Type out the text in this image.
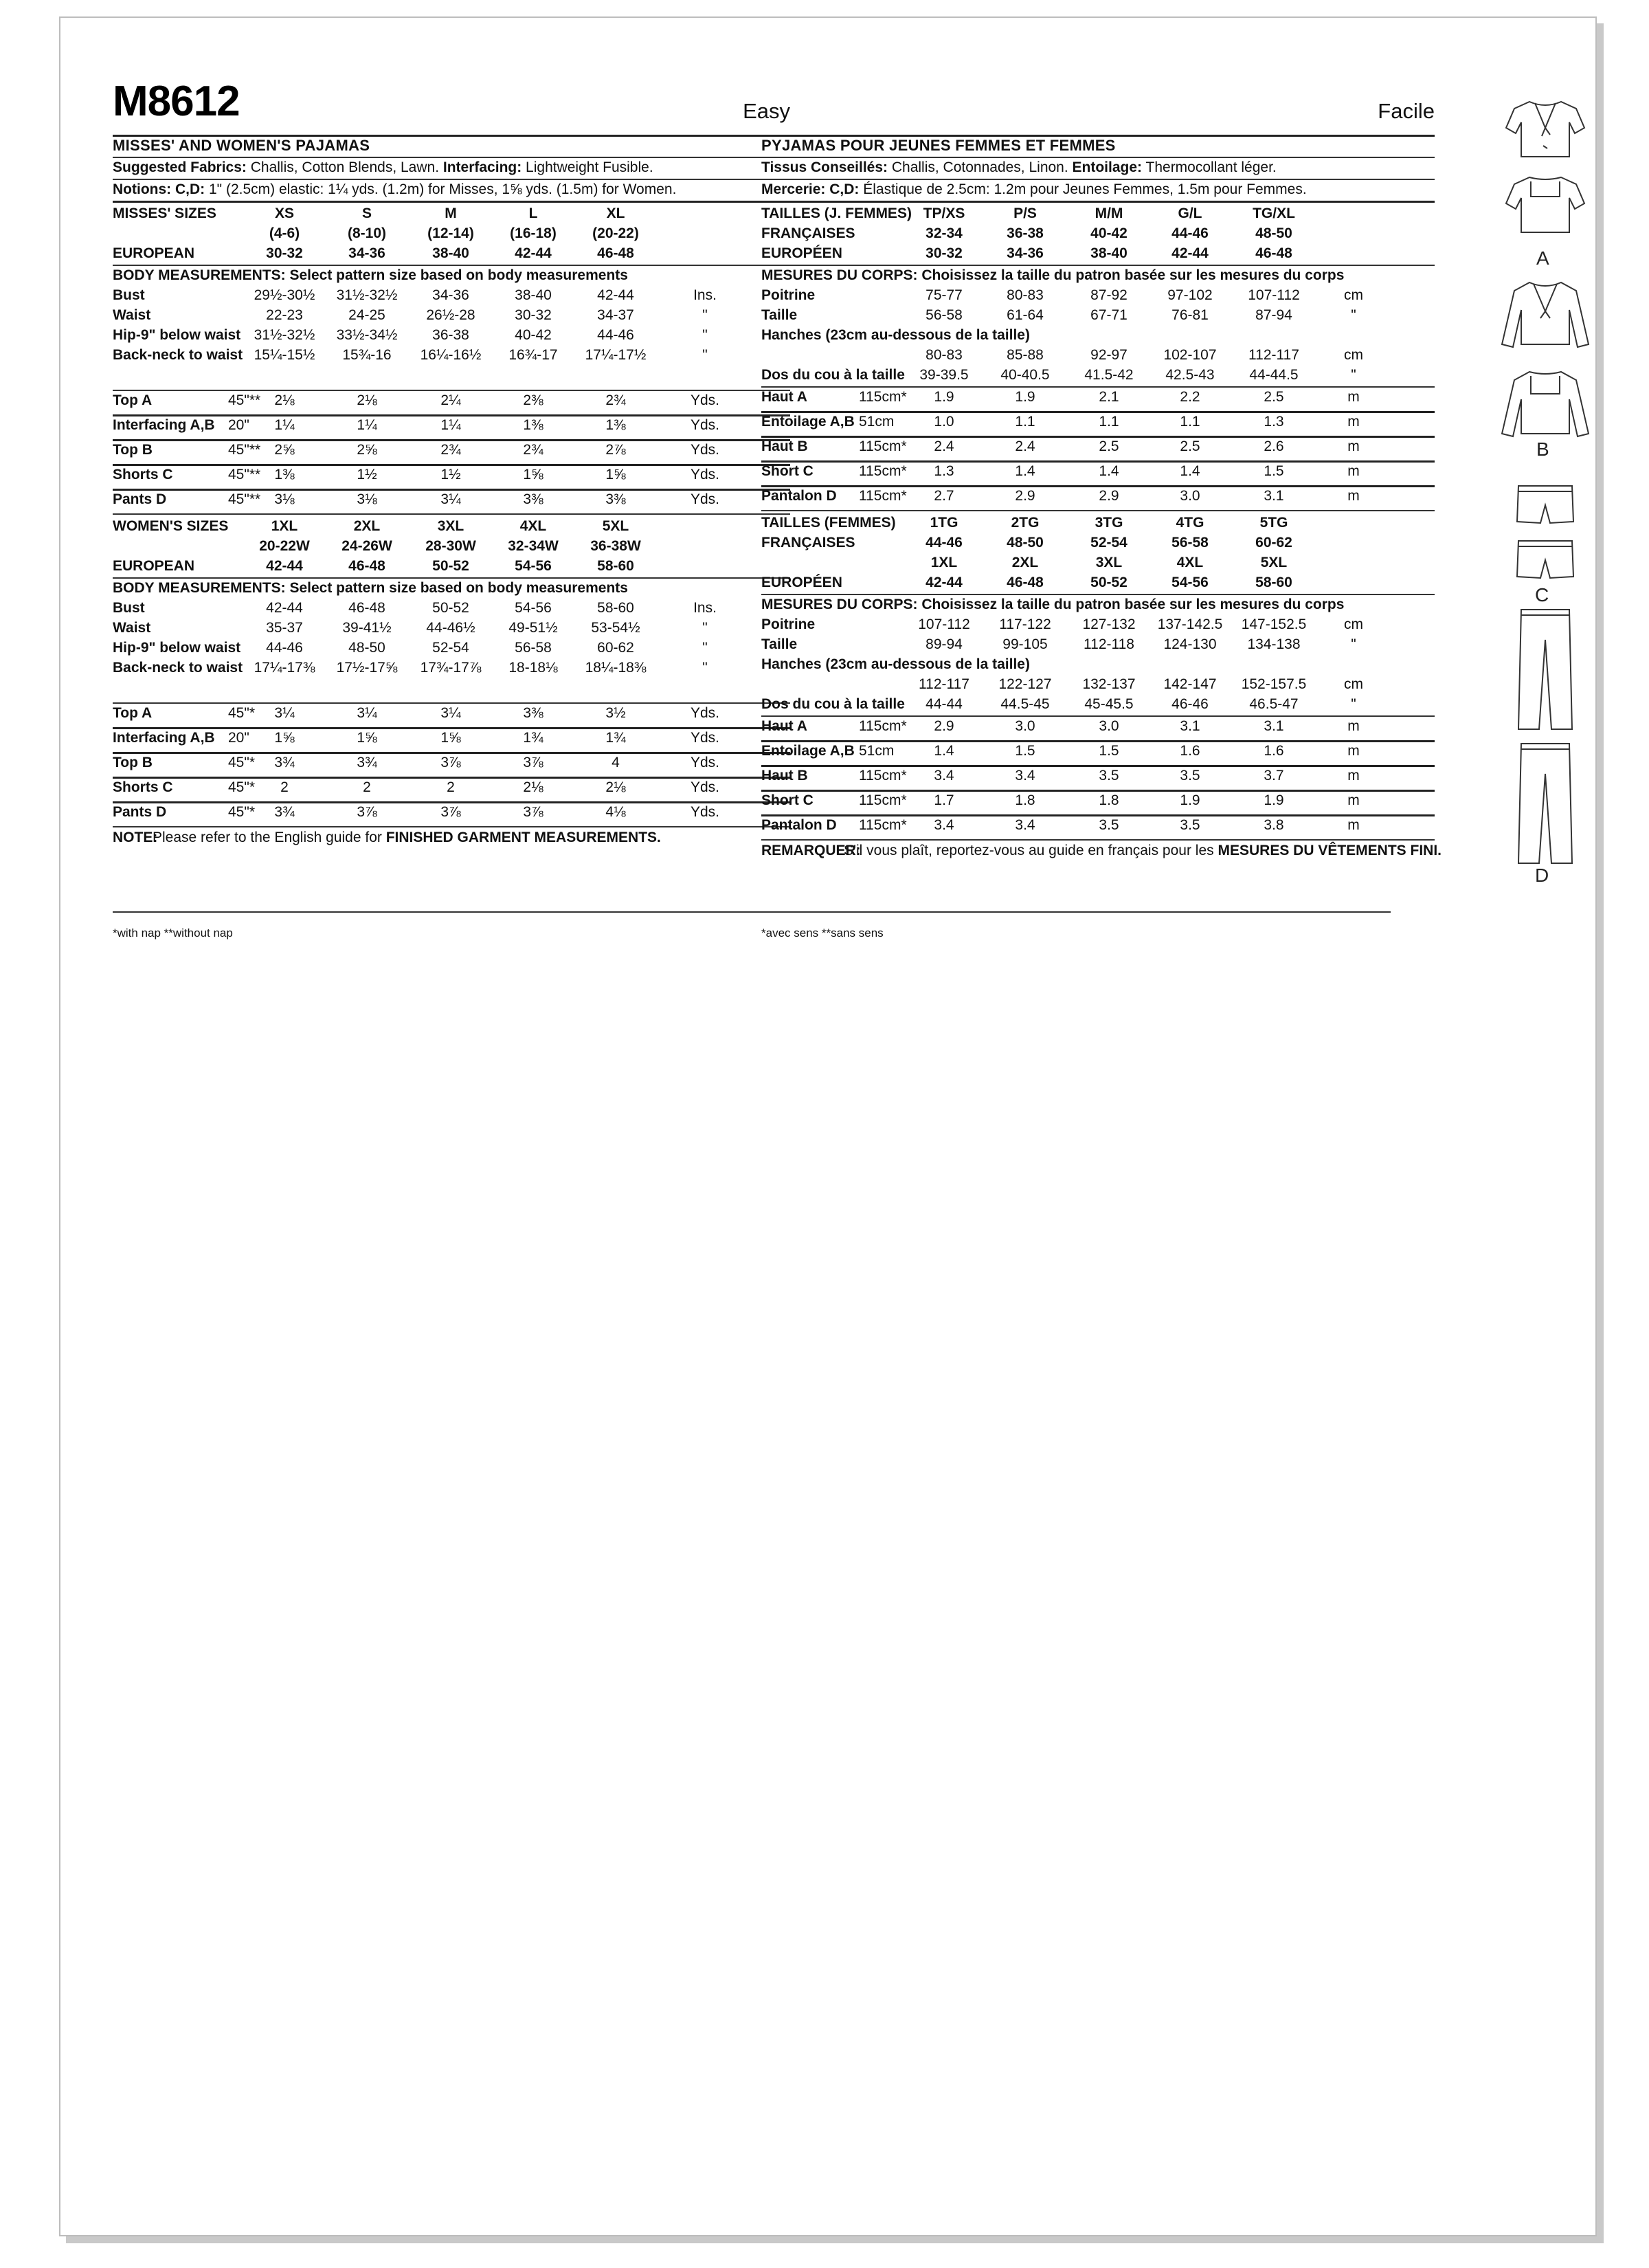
M8612	Easy
MISSES' AND WOMEN'S PAJAMAS
Suggested Fabrics: Challis, Cotton Blends, Lawn. Interfacing: Lightweight Fusible.
Notions: C,D: 1" (2.5cm) elastic: 1¼ yds. (1.2m) for Misses, 1⅝ yds. (1.5m) for Women.
MISSES' SIZES	XS	S	M	L	XL
(4-6)	(8-10)	(12-14)	(16-18)	(20-22)
EUROPEAN	30-32	34-36	38-40	42-44	46-48
BODY MEASUREMENTS: Select pattern size based on body measurements
Bust	29½-30½	31½-32½	34-36	38-40	42-44	Ins.
Waist	22-23	24-25	26½-28	30-32	34-37	"
Hip-9" below waist 31½-32½	33½-34½	36-38	40-42	44-46	"
Back-neck to waist 15¼-15½	15¾-16	16¼-16½	16¾-17	17¼-17½	"
Top A	45"** 2⅛	2⅛	2¼	2⅜	2¾	Yds.
Interfacing A,B 20"	1¼	1¼	1¼	1⅜	1⅜	Yds.
Top B	45"** 2⅝	2⅝	2¾	2¾	2⅞	Yds.
Shorts C	45"** 1⅜	1½	1½	1⅝	1⅝	Yds.
Pants D	45"** 3⅛	3⅛	3¼	3⅜	3⅜	Yds.
WOMEN'S SIZES	1XL	2XL	3XL	4XL	5XL
20-22W	24-26W	28-30W	32-34W	36-38W
EUROPEAN	42-44	46-48	50-52	54-56	58-60
BODY MEASUREMENTS: Select pattern size based on body measurements
Bust	42-44	46-48	50-52	54-56	58-60	Ins.
Waist	35-37	39-41½	44-46½	49-51½	53-54½	"
Hip-9" below waist	44-46	48-50	52-54	56-58	60-62	"
Back-neck to waist 17¼-17⅜	17½-17⅝	17¾-17⅞	18-18⅛	18¼-18⅜	"
Top A	45"*	3¼	3¼	3¼	3⅜	3½	Yds.
Interfacing A,B 20"	1⅝	1⅝	1⅝	1¾	1¾	Yds.
Top B	45"*	3¾	3¾	3⅞	3⅞	4	Yds.
Shorts C	45"*	2	2	2	2⅛	2⅛	Yds.
Pants D	45"*	3¾	3⅞	3⅞	3⅞	4⅛	Yds.
NOTE:
Please refer to the English guide for FINISHED GARMENT MEASUREMENTS.
*with nap **without nap
Facile
PYJAMAS POUR JEUNES FEMMES ET FEMMES
Tissus Conseillés: Challis, Cotonnades, Linon. Entoilage: Thermocollant léger.
Mercerie: C,D: Élastique de 2.5cm: 1.2m pour Jeunes Femmes, 1.5m pour Femmes.
TAILLES (J. FEMMES) TP/XS	P/S	M/M	G/L	TG/XL
FRANÇAISES	32-34	36-38	40-42	44-46	48-50
EUROPÉEN	30-32	34-36	38-40	42-44	46-48
MESURES DU CORPS: Choisissez la taille du patron basée sur les mesures du corps
Poitrine	75-77	80-83	87-92	97-102	107-112	cm
Taille	56-58	61-64	67-71	76-81	87-94	"
Hanches (23cm au-dessous de la taille)
80-83	85-88	92-97	102-107	112-117	cm
Dos du cou à la taille	39-39.5	40-40.5	41.5-42	42.5-43	44-44.5	"
Haut A	115cm*	1.9	1.9	2.1	2.2	2.5	m
Entoilage A,B 51cm	1.0	1.1	1.1	1.1	1.3	m
Haut B	115cm*	2.4	2.4	2.5	2.5	2.6	m
Short C	115cm*	1.3	1.4	1.4	1.4	1.5	m
Pantalon D 115cm*	2.7	2.9	2.9	3.0	3.1	m
TAILLES (FEMMES)	1TG	2TG	3TG	4TG	5TG
FRANÇAISES	44-46	48-50	52-54	56-58	60-62
1XL	2XL	3XL	4XL	5XL
EUROPÉEN	42-44	46-48	50-52	54-56	58-60
MESURES DU CORPS: Choisissez la taille du patron basée sur les mesures du corps
Poitrine	107-112	117-122	127-132	137-142.5	147-152.5	cm
Taille	89-94	99-105	112-118	124-130	134-138	"
Hanches (23cm au-dessous de la taille)
112-117	122-127	132-137	142-147	152-157.5	cm
Dos du cou à la taille	44-44	44.5-45	45-45.5	46-46	46.5-47	"
Haut A	115cm*	2.9	3.0	3.0	3.1	3.1	m
Entoilage A,B 51cm	1.4	1.5	1.5	1.6	1.6	m
Haut B	115cm*	3.4	3.4	3.5	3.5	3.7	m
Short C	115cm*	1.7	1.8	1.8	1.9	1.9	m
Pantalon D 115cm*	3.4	3.4	3.5	3.5	3.8	m
REMARQUER:
S'il vous plaît, reportez-vous au guide en français pour les MESURES DU VÊTEMENTS FINI.
*avec sens **sans sens
A
B
C
D
